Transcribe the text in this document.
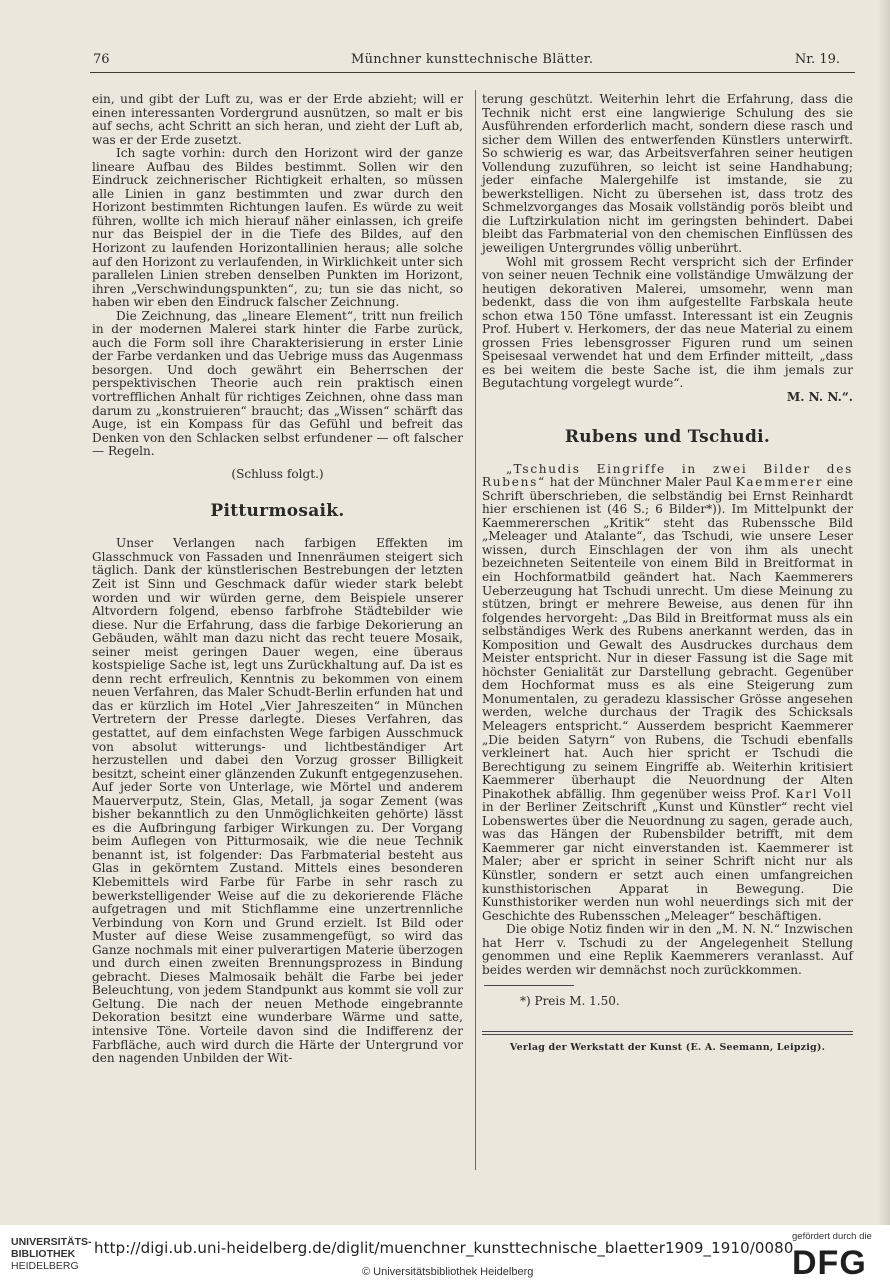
76	Münchner kunsttechnische Blätter.	Nr. 19.

ein, und gibt der Luft zu, was er der Erde abzieht; will er einen interessanten Vordergrund ausnützen, so malt er bis auf sechs, acht Schritt an sich heran, und zieht der Luft ab, was er der Erde zusetzt.

Ich sagte vorhin: durch den Horizont wird der ganze lineare Aufbau des Bildes bestimmt. Sollen wir den Eindruck zeichnerischer Richtigkeit erhalten, so müssen alle Linien in ganz bestimmten und zwar durch den Horizont bestimmten Richtungen laufen. Es würde zu weit führen, wollte ich mich hierauf näher einlassen, ich greife nur das Beispiel der in die Tiefe des Bildes, auf den Horizont zu laufenden Horizontallinien heraus; alle solche auf den Horizont zu verlaufenden, in Wirklichkeit unter sich parallelen Linien streben denselben Punkten im Horizont, ihren „Verschwindungspunkten“, zu; tun sie das nicht, so haben wir eben den Eindruck falscher Zeichnung.

Die Zeichnung, das „lineare Element“, tritt nun freilich in der modernen Malerei stark hinter die Farbe zurück, auch die Form soll ihre Charakterisierung in erster Linie der Farbe verdanken und das Uebrige muss das Augenmass besorgen. Und doch gewährt ein Beherrschen der perspektivischen Theorie auch rein praktisch einen vortrefflichen Anhalt für richtiges Zeichnen, ohne dass man darum zu „konstruieren“ braucht; das „Wissen“ schärft das Auge, ist ein Kompass für das Gefühl und befreit das Denken von den Schlacken selbst erfundener — oft falscher — Regeln.

(Schluss folgt.)
Pitturmosaik.

Unser Verlangen nach farbigen Effekten im Glasschmuck von Fassaden und Innenräumen steigert sich täglich. Dank der künstlerischen Bestrebungen der letzten Zeit ist Sinn und Geschmack dafür wieder stark belebt worden und wir würden gerne, dem Beispiele unserer Altvordern folgend, ebenso farbfrohe Städtebilder wie diese. Nur die Erfahrung, dass die farbige Dekorierung an Gebäuden, wählt man dazu nicht das recht teuere Mosaik, seiner meist geringen Dauer wegen, eine überaus kostspielige Sache ist, legt uns Zurückhaltung auf. Da ist es denn recht erfreulich, Kenntnis zu bekommen von einem neuen Verfahren, das Maler Schudt-Berlin erfunden hat und das er kürzlich im Hotel „Vier Jahreszeiten“ in München Vertretern der Presse darlegte. Dieses Verfahren, das gestattet, auf dem einfachsten Wege farbigen Ausschmuck von absolut witterungs- und lichtbeständiger Art herzustellen und dabei den Vorzug grosser Billigkeit besitzt, scheint einer glänzenden Zukunft entgegenzusehen. Auf jeder Sorte von Unterlage, wie Mörtel und anderem Mauerverputz, Stein, Glas, Metall, ja sogar Zement (was bisher bekanntlich zu den Unmöglichkeiten gehörte) lässt es die Aufbringung farbiger Wirkungen zu. Der Vorgang beim Auflegen von Pitturmosaik, wie die neue Technik benannt ist, ist folgender: Das Farbmaterial besteht aus Glas in gekörntem Zustand. Mittels eines besonderen Klebemittels wird Farbe für Farbe in sehr rasch zu bewerkstelligender Weise auf die zu dekorierende Fläche aufgetragen und mit Stichflamme eine unzertrennliche Verbindung von Korn und Grund erzielt. Ist Bild oder Muster auf diese Weise zusammengefügt, so wird das Ganze nochmals mit einer pulverartigen Materie überzogen und durch einen zweiten Brennungsprozess in Bindung gebracht. Dieses Malmosaik behält die Farbe bei jeder Beleuchtung, von jedem Standpunkt aus kommt sie voll zur Geltung. Die nach der neuen Methode eingebrannte Dekoration besitzt eine wunderbare Wärme und satte, intensive Töne. Vorteile davon sind die Indifferenz der Farbfläche, auch wird durch die Härte der Untergrund vor den nagenden Unbilden der Wit-

terung geschützt. Weiterhin lehrt die Erfahrung, dass die Technik nicht erst eine langwierige Schulung des sie Ausführenden erforderlich macht, sondern diese rasch und sicher dem Willen des entwerfenden Künstlers unterwirft. So schwierig es war, das Arbeitsverfahren seiner heutigen Vollendung zuzuführen, so leicht ist seine Handhabung; jeder einfache Malergehilfe ist imstande, sie zu bewerkstelligen. Nicht zu übersehen ist, dass trotz des Schmelzvorganges das Mosaik vollständig porös bleibt und die Luftzirkulation nicht im geringsten behindert. Dabei bleibt das Farbmaterial von den chemischen Einflüssen des jeweiligen Untergrundes völlig unberührt.

Wohl mit grossem Recht verspricht sich der Erfinder von seiner neuen Technik eine vollständige Umwälzung der heutigen dekorativen Malerei, umsomehr, wenn man bedenkt, dass die von ihm aufgestellte Farbskala heute schon etwa 150 Töne umfasst. Interessant ist ein Zeugnis Prof. Hubert v. Herkomers, der das neue Material zu einem grossen Fries lebensgrosser Figuren rund um seinen Speisesaal verwendet hat und dem Erfinder mitteilt, „dass es bei weitem die beste Sache ist, die ihm jemals zur Begutachtung vorgelegt wurde“.

M. N. N.“.
Rubens und Tschudi.

„Tschudis Eingriffe in zwei Bilder des Rubens“ hat der Münchner Maler Paul Kaemmerer eine Schrift überschrieben, die selbständig bei Ernst Reinhardt hier erschienen ist (46 S.; 6 Bilder*)). Im Mittelpunkt der Kaemmererschen „Kritik“ steht das Rubenssche Bild „Meleager und Atalante“, das Tschudi, wie unsere Leser wissen, durch Einschlagen der von ihm als unecht bezeichneten Seitenteile von einem Bild in Breitformat in ein Hochformatbild geändert hat. Nach Kaemmerers Ueberzeugung hat Tschudi unrecht. Um diese Meinung zu stützen, bringt er mehrere Beweise, aus denen für ihn folgendes hervorgeht: „Das Bild in Breitformat muss als ein selbständiges Werk des Rubens anerkannt werden, das in Komposition und Gewalt des Ausdruckes durchaus dem Meister entspricht. Nur in dieser Fassung ist die Sage mit höchster Genialität zur Darstellung gebracht. Gegenüber dem Hochformat muss es als eine Steigerung zum Monumentalen, zu geradezu klassischer Grösse angesehen werden, welche durchaus der Tragik des Schicksals Meleagers entspricht.“ Ausserdem bespricht Kaemmerer „Die beiden Satyrn“ von Rubens, die Tschudi ebenfalls verkleinert hat. Auch hier spricht er Tschudi die Berechtigung zu seinem Eingriffe ab. Weiterhin kritisiert Kaemmerer überhaupt die Neuordnung der Alten Pinakothek abfällig. Ihm gegenüber weiss Prof. Karl Voll in der Berliner Zeitschrift „Kunst und Künstler“ recht viel Lobenswertes über die Neuordnung zu sagen, gerade auch, was das Hängen der Rubensbilder betrifft, mit dem Kaemmerer gar nicht einverstanden ist. Kaemmerer ist Maler; aber er spricht in seiner Schrift nicht nur als Künstler, sondern er setzt auch einen umfangreichen kunsthistorischen Apparat in Bewegung. Die Kunsthistoriker werden nun wohl neuerdings sich mit der Geschichte des Rubensschen „Meleager“ beschäftigen.

Die obige Notiz finden wir in den „M. N. N.“ Inzwischen hat Herr v. Tschudi zu der Angelegenheit Stellung genommen und eine Replik Kaemmerers veranlasst. Auf beides werden wir demnächst noch zurückkommen.

*) Preis M. 1.50.
Verlag der Werkstatt der Kunst (E. A. Seemann, Leipzig).
UNIVERSITÄTS-
BIBLIOTHEK
HEIDELBERG
http://digi.ub.uni-heidelberg.de/diglit/muenchner_kunsttechnische_blaetter1909_1910/0080
© Universitätsbibliothek Heidelberg
gefördert durch die
DFG
